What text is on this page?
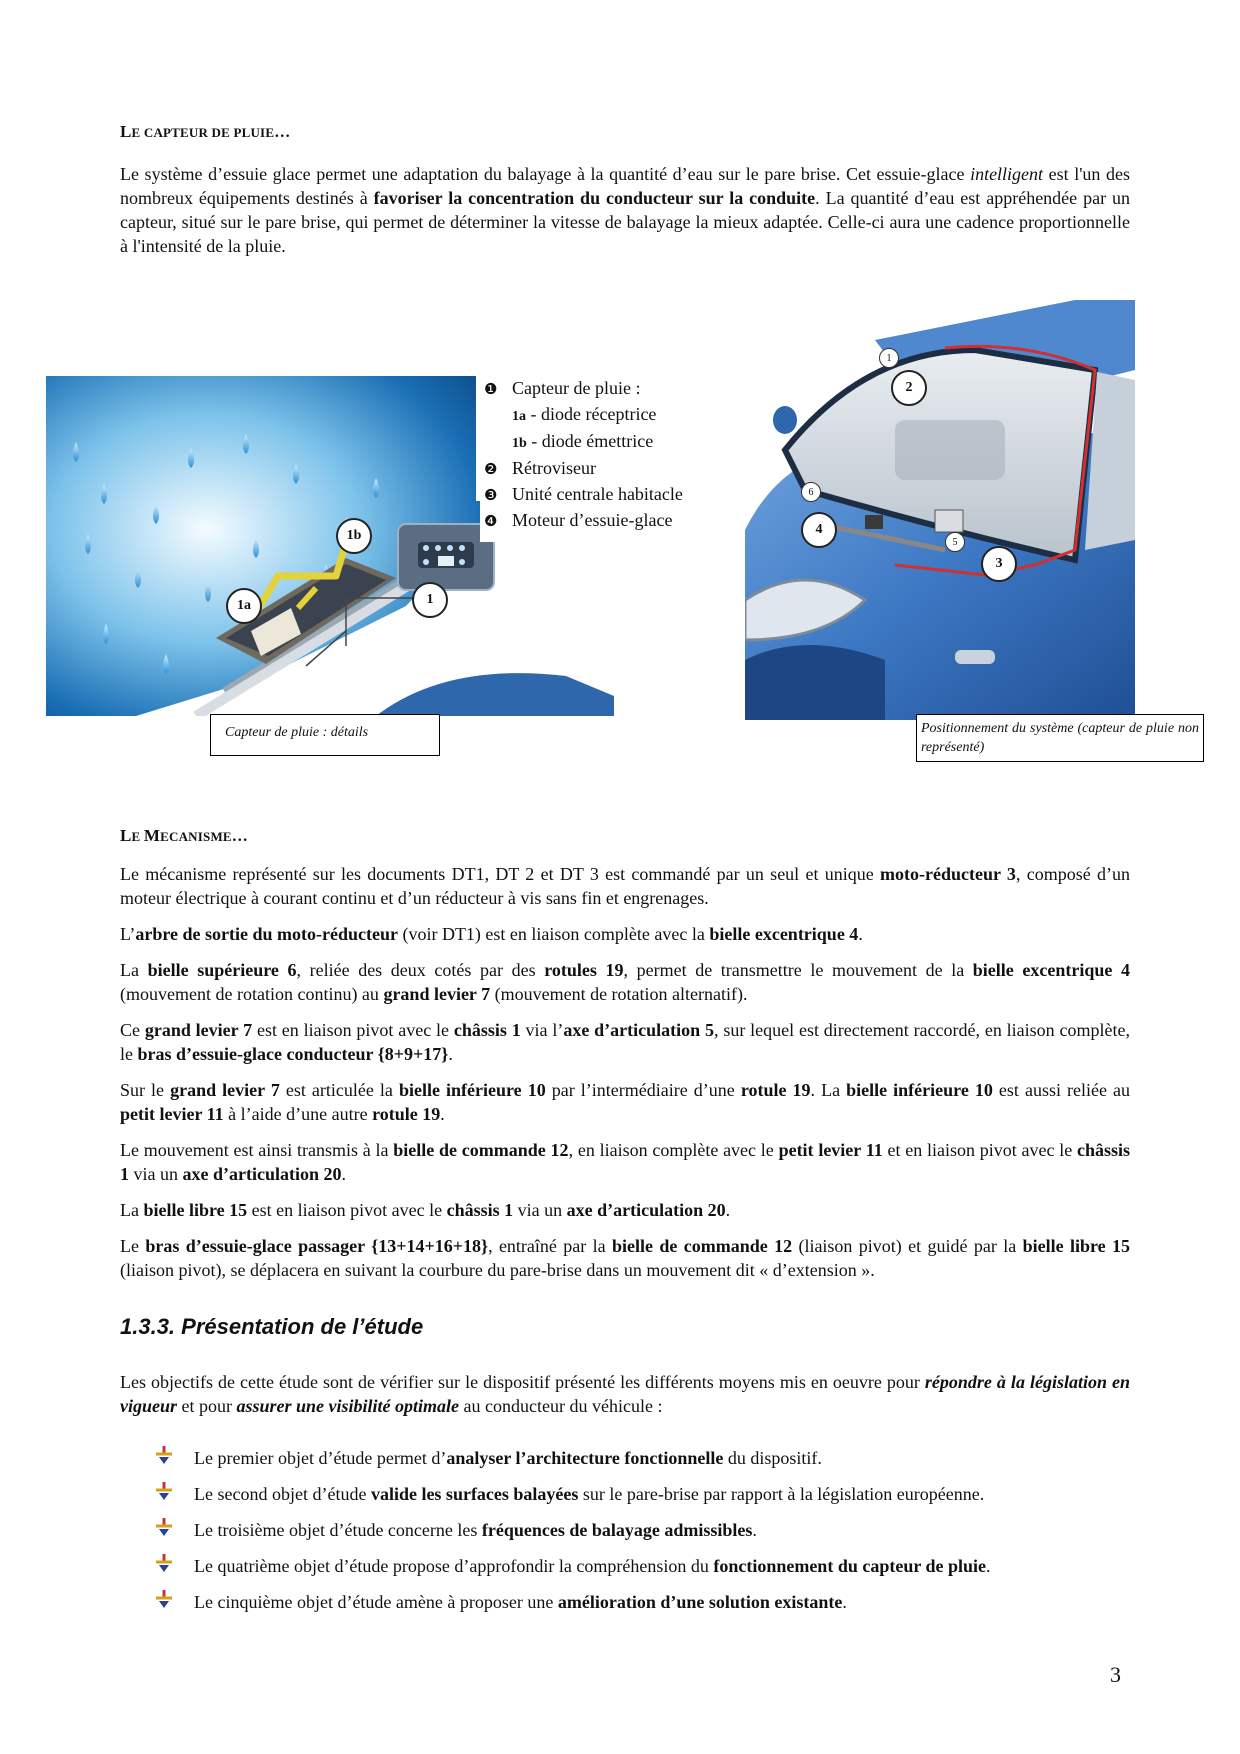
LE CAPTEUR DE PLUIE…

Le système d’essuie glace permet une adaptation du balayage à la quantité d’eau sur le pare brise. Cet essuie-glace intelligent est l'un des nombreux équipements destinés à favoriser la concentration du conducteur sur la conduite. La quantité d’eau est appréhendée par un capteur, situé sur le pare brise, qui permet de déterminer la vitesse de balayage la mieux adaptée. Celle-ci aura une cadence proportionnelle à l'intensité de la pluie.

1b
1a	1
❶ Capteur de pluie :
1a - diode réceptrice
1b - diode émettrice
❷ Rétroviseur
❸ Unité centrale habitacle
❹ Moteur d’essuie-glace
2
4
3
1
6
5
Capteur de pluie : détails	Positionnement du système (capteur de pluie non représenté)
LE MECANISME…

Le mécanisme représenté sur les documents DT1, DT 2 et DT 3 est commandé par un seul et unique moto-réducteur 3, composé d’un moteur électrique à courant continu et d’un réducteur à vis sans fin et engrenages.

L’arbre de sortie du moto-réducteur (voir DT1) est en liaison complète avec la bielle excentrique 4.

La bielle supérieure 6, reliée des deux cotés par des rotules 19, permet de transmettre le mouvement de la bielle excentrique 4 (mouvement de rotation continu) au grand levier 7 (mouvement de rotation alternatif).

Ce grand levier 7 est en liaison pivot avec le châssis 1 via l’axe d’articulation 5, sur lequel est directement raccordé, en liaison complète, le bras d’essuie-glace conducteur {8+9+17}.

Sur le grand levier 7 est articulée la bielle inférieure 10 par l’intermédiaire d’une rotule 19. La bielle inférieure 10 est aussi reliée au petit levier 11 à l’aide d’une autre rotule 19.

Le mouvement est ainsi transmis à la bielle de commande 12, en liaison complète avec le petit levier 11 et en liaison pivot avec le châssis 1 via un axe d’articulation 20.

La bielle libre 15 est en liaison pivot avec le châssis 1 via un axe d’articulation 20.

Le bras d’essuie-glace passager {13+14+16+18}, entraîné par la bielle de commande 12 (liaison pivot) et guidé par la bielle libre 15 (liaison pivot), se déplacera en suivant la courbure du pare-brise dans un mouvement dit « d’extension ».

1.3.3. Présentation de l’étude

Les objectifs de cette étude sont de vérifier sur le dispositif présenté les différents moyens mis en oeuvre pour répondre à la législation en vigueur et pour assurer une visibilité optimale au conducteur du véhicule :

Le premier objet d’étude permet d’analyser l’architecture fonctionnelle du dispositif.
Le second objet d’étude valide les surfaces balayées sur le pare-brise par rapport à la législation européenne.
Le troisième objet d’étude concerne les fréquences de balayage admissibles.
Le quatrième objet d’étude propose d’approfondir la compréhension du fonctionnement du capteur de pluie.
Le cinquième objet d’étude amène à proposer une amélioration d’une solution existante.
3
